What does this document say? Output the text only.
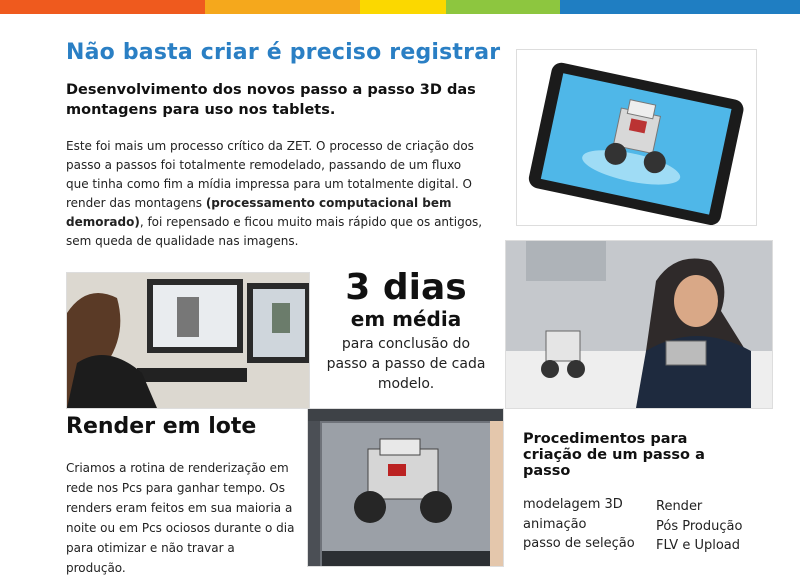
Não basta criar é preciso registrar
Desenvolvimento dos novos passo a passo 3D das montagens para uso nos tablets.
Este foi mais um processo crítico da ZET. O processo de criação dos passo a passos foi totalmente remodelado, passando de um fluxo que tinha como fim a mídia impressa para um totalmente digital. O render das montagens (processamento computacional bem demorado), foi repensado e ficou muito mais rápido que os antigos, sem queda de qualidade nas imagens.
3 dias
em média
para conclusão do passo a passo de cada modelo.
Render em lote
Criamos a rotina de renderização em rede nos Pcs para ganhar tempo. Os renders eram feitos em sua maioria a noite ou em Pcs ociosos durante o dia para otimizar e não travar a produção.
Procedimentos para criação de um passo a passo
modelagem 3D
animação
passo de seleção
Render
Pós Produção
FLV e Upload
